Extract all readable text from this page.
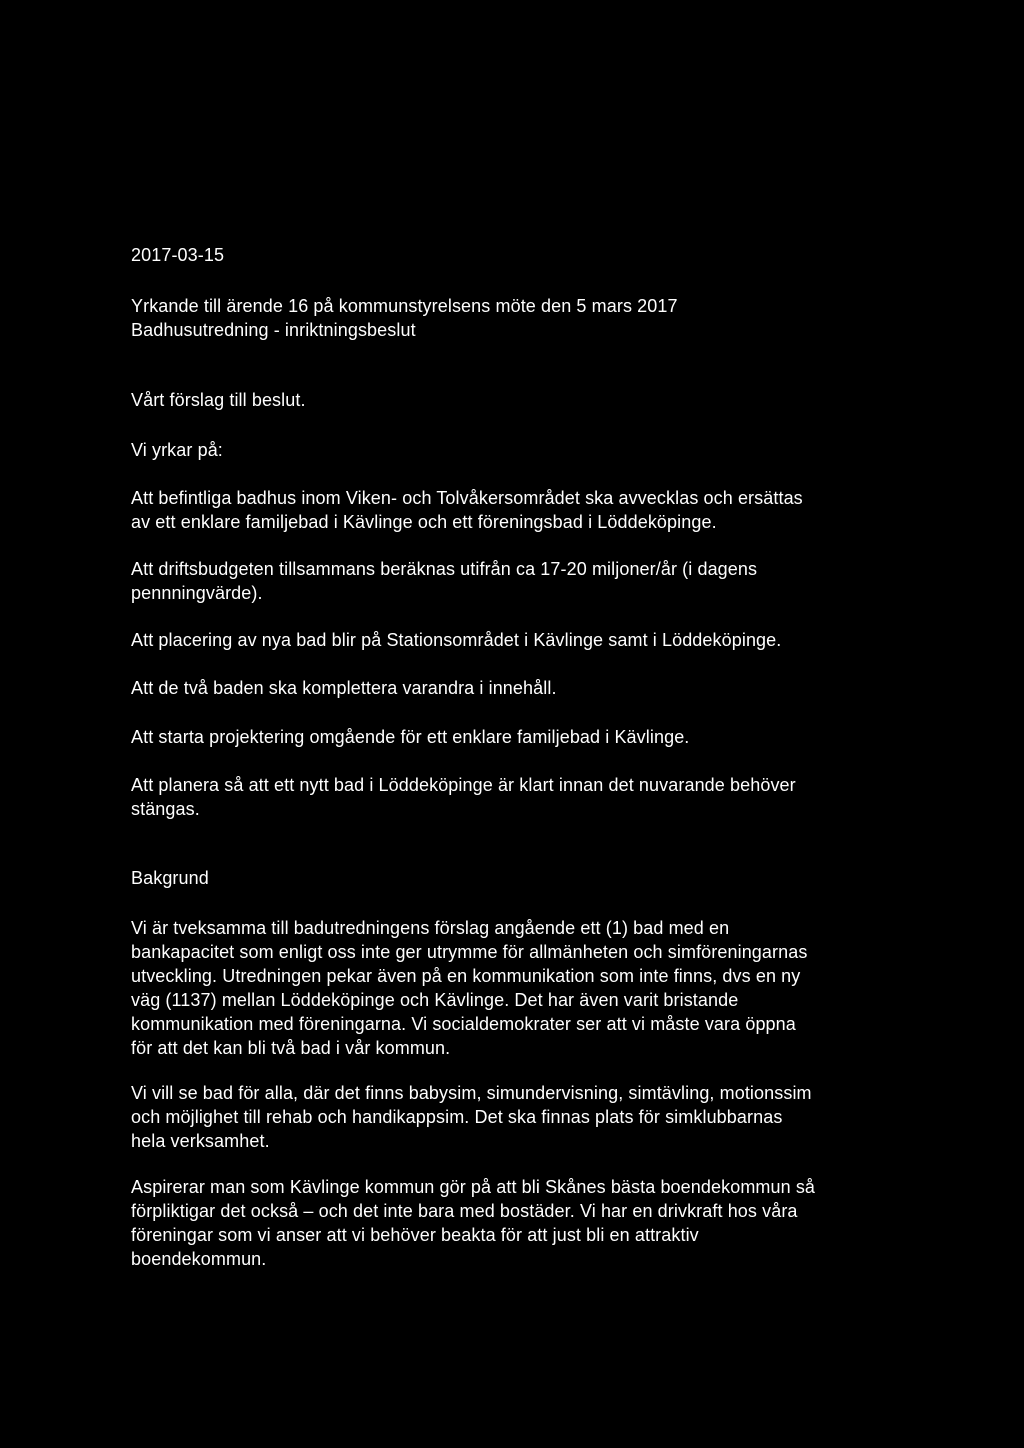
2017-03-15

Yrkande till ärende 16 på kommunstyrelsens möte den 5 mars 2017
Badhusutredning - inriktningsbeslut

Vårt förslag till beslut.

Vi yrkar på:

Att befintliga badhus inom Viken- och Tolvåkersområdet ska avvecklas och ersättas
av ett enklare familjebad i Kävlinge och ett föreningsbad i Löddeköpinge.

Att driftsbudgeten tillsammans beräknas utifrån ca 17-20 miljoner/år (i dagens
pennningvärde).

Att placering av nya bad blir på Stationsområdet i Kävlinge samt i Löddeköpinge.

Att de två baden ska komplettera varandra i innehåll.

Att starta projektering omgående för ett enklare familjebad i Kävlinge.

Att planera så att ett nytt bad i Löddeköpinge är klart innan det nuvarande behöver
stängas.

Bakgrund

Vi är tveksamma till badutredningens förslag angående ett (1) bad med en
bankapacitet som enligt oss inte ger utrymme för allmänheten och simföreningarnas
utveckling. Utredningen pekar även på en kommunikation som inte finns, dvs en ny
väg (1137) mellan Löddeköpinge och Kävlinge. Det har även varit bristande
kommunikation med föreningarna. Vi socialdemokrater ser att vi måste vara öppna
för att det kan bli två bad i vår kommun.

Vi vill se bad för alla, där det finns babysim, simundervisning, simtävling, motionssim
och möjlighet till rehab och handikappsim. Det ska finnas plats för simklubbarnas
hela verksamhet.

Aspirerar man som Kävlinge kommun gör på att bli Skånes bästa boendekommun så
förpliktigar det också – och det inte bara med bostäder. Vi har en drivkraft hos våra
föreningar som vi anser att vi behöver beakta för att just bli en attraktiv
boendekommun.
